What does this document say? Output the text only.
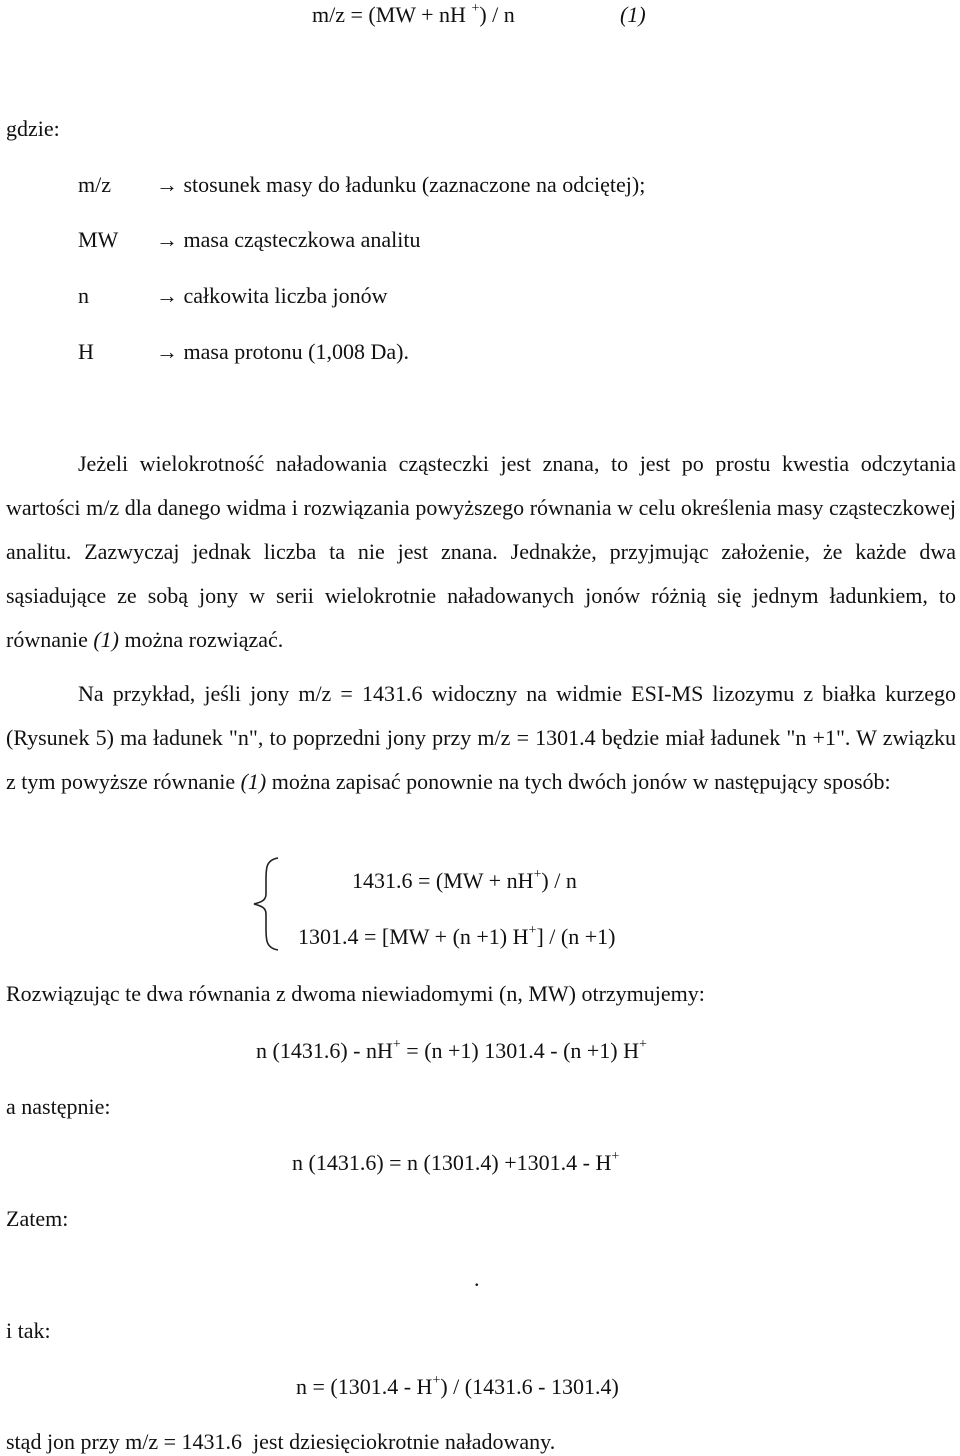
m/z = (MW + nH +) / n	(1)
gdzie:
m/z → stosunek masy do ładunku (zaznaczone na odciętej);
MW → masa cząsteczkowa analitu
n	→ całkowita liczba jonów
H	→ masa protonu (1,008 Da).
Jeżeli wielokrotność naładowania cząsteczki jest znana, to jest po prostu kwestia odczytania wartości m/z dla danego widma i rozwiązania powyższego równania w celu określenia masy cząsteczkowej analitu. Zazwyczaj jednak liczba ta nie jest znana. Jednakże, przyjmując założenie, że każde dwa sąsiadujące ze sobą jony w serii wielokrotnie naładowanych jonów różnią się jednym ładunkiem, to równanie (1) można rozwiązać.
Na przykład, jeśli jony m/z = 1431.6 widoczny na widmie ESI-MS lizozymu z białka kurzego (Rysunek 5) ma ładunek "n", to poprzedni jony przy m/z = 1301.4 będzie miał ładunek "n +1". W związku z tym powyższe równanie (1) można zapisać ponownie na tych dwóch jonów w następujący sposób:
1431.6 = (MW + nH+) / n
1301.4 = [MW + (n +1) H+] / (n +1)
Rozwiązując te dwa równania z dwoma niewiadomymi (n, MW) otrzymujemy:
n (1431.6) - nH+ = (n +1) 1301.4 - (n +1) H+
a następnie:
n (1431.6) = n (1301.4) +1301.4 - H+
Zatem:
.
i tak:
n = (1301.4 - H+) / (1431.6 - 1301.4)
stąd jon przy m/z = 1431.6  jest dziesięciokrotnie naładowany.
